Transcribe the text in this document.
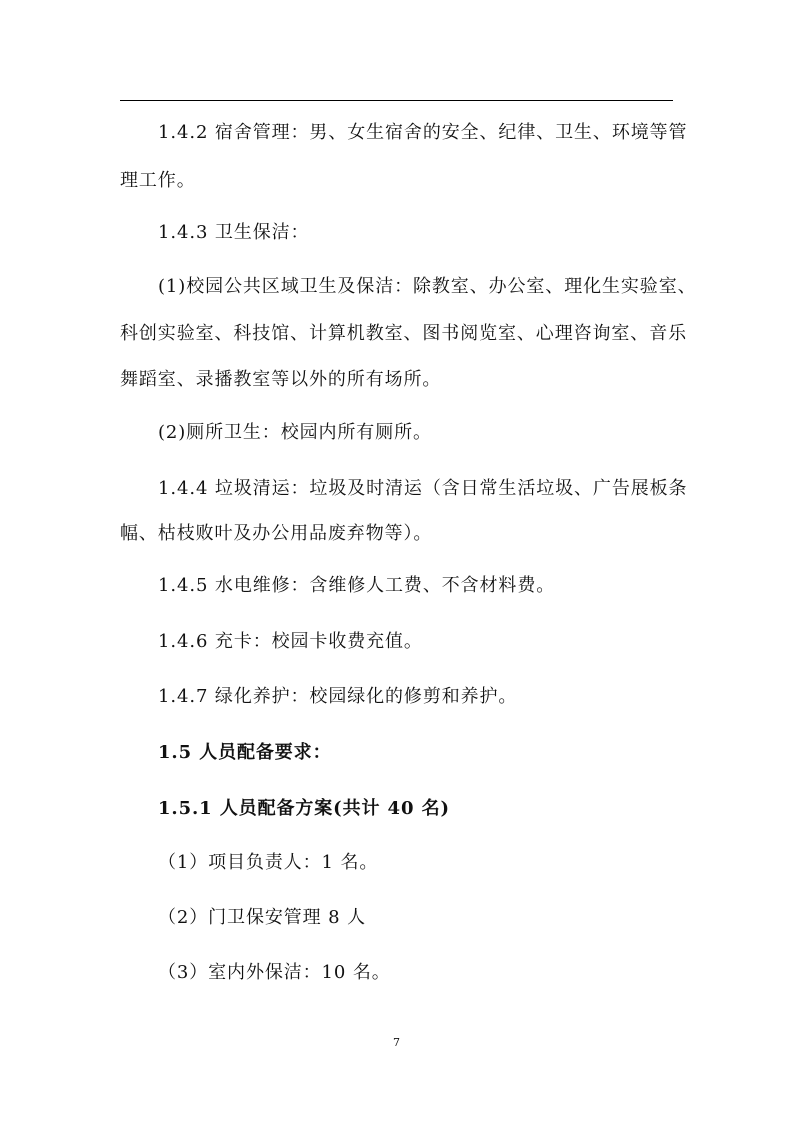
1.4.2 宿舍管理：男、女生宿舍的安全、纪律、卫生、环境等管
理工作。
1.4.3 卫生保洁：
(1)校园公共区域卫生及保洁：除教室、办公室、理化生实验室、
科创实验室、科技馆、计算机教室、图书阅览室、心理咨询室、音乐
舞蹈室、录播教室等以外的所有场所。
(2)厕所卫生：校园内所有厕所。
1.4.4 垃圾清运：垃圾及时清运（含日常生活垃圾、广告展板条
幅、枯枝败叶及办公用品废弃物等）。
1.4.5 水电维修：含维修人工费、不含材料费。
1.4.6 充卡：校园卡收费充值。
1.4.7 绿化养护：校园绿化的修剪和养护。
1.5 人员配备要求：
1.5.1 人员配备方案(共计 40 名)
（1）项目负责人：1 名。
（2）门卫保安管理 8 人
（3）室内外保洁：10 名。
7
